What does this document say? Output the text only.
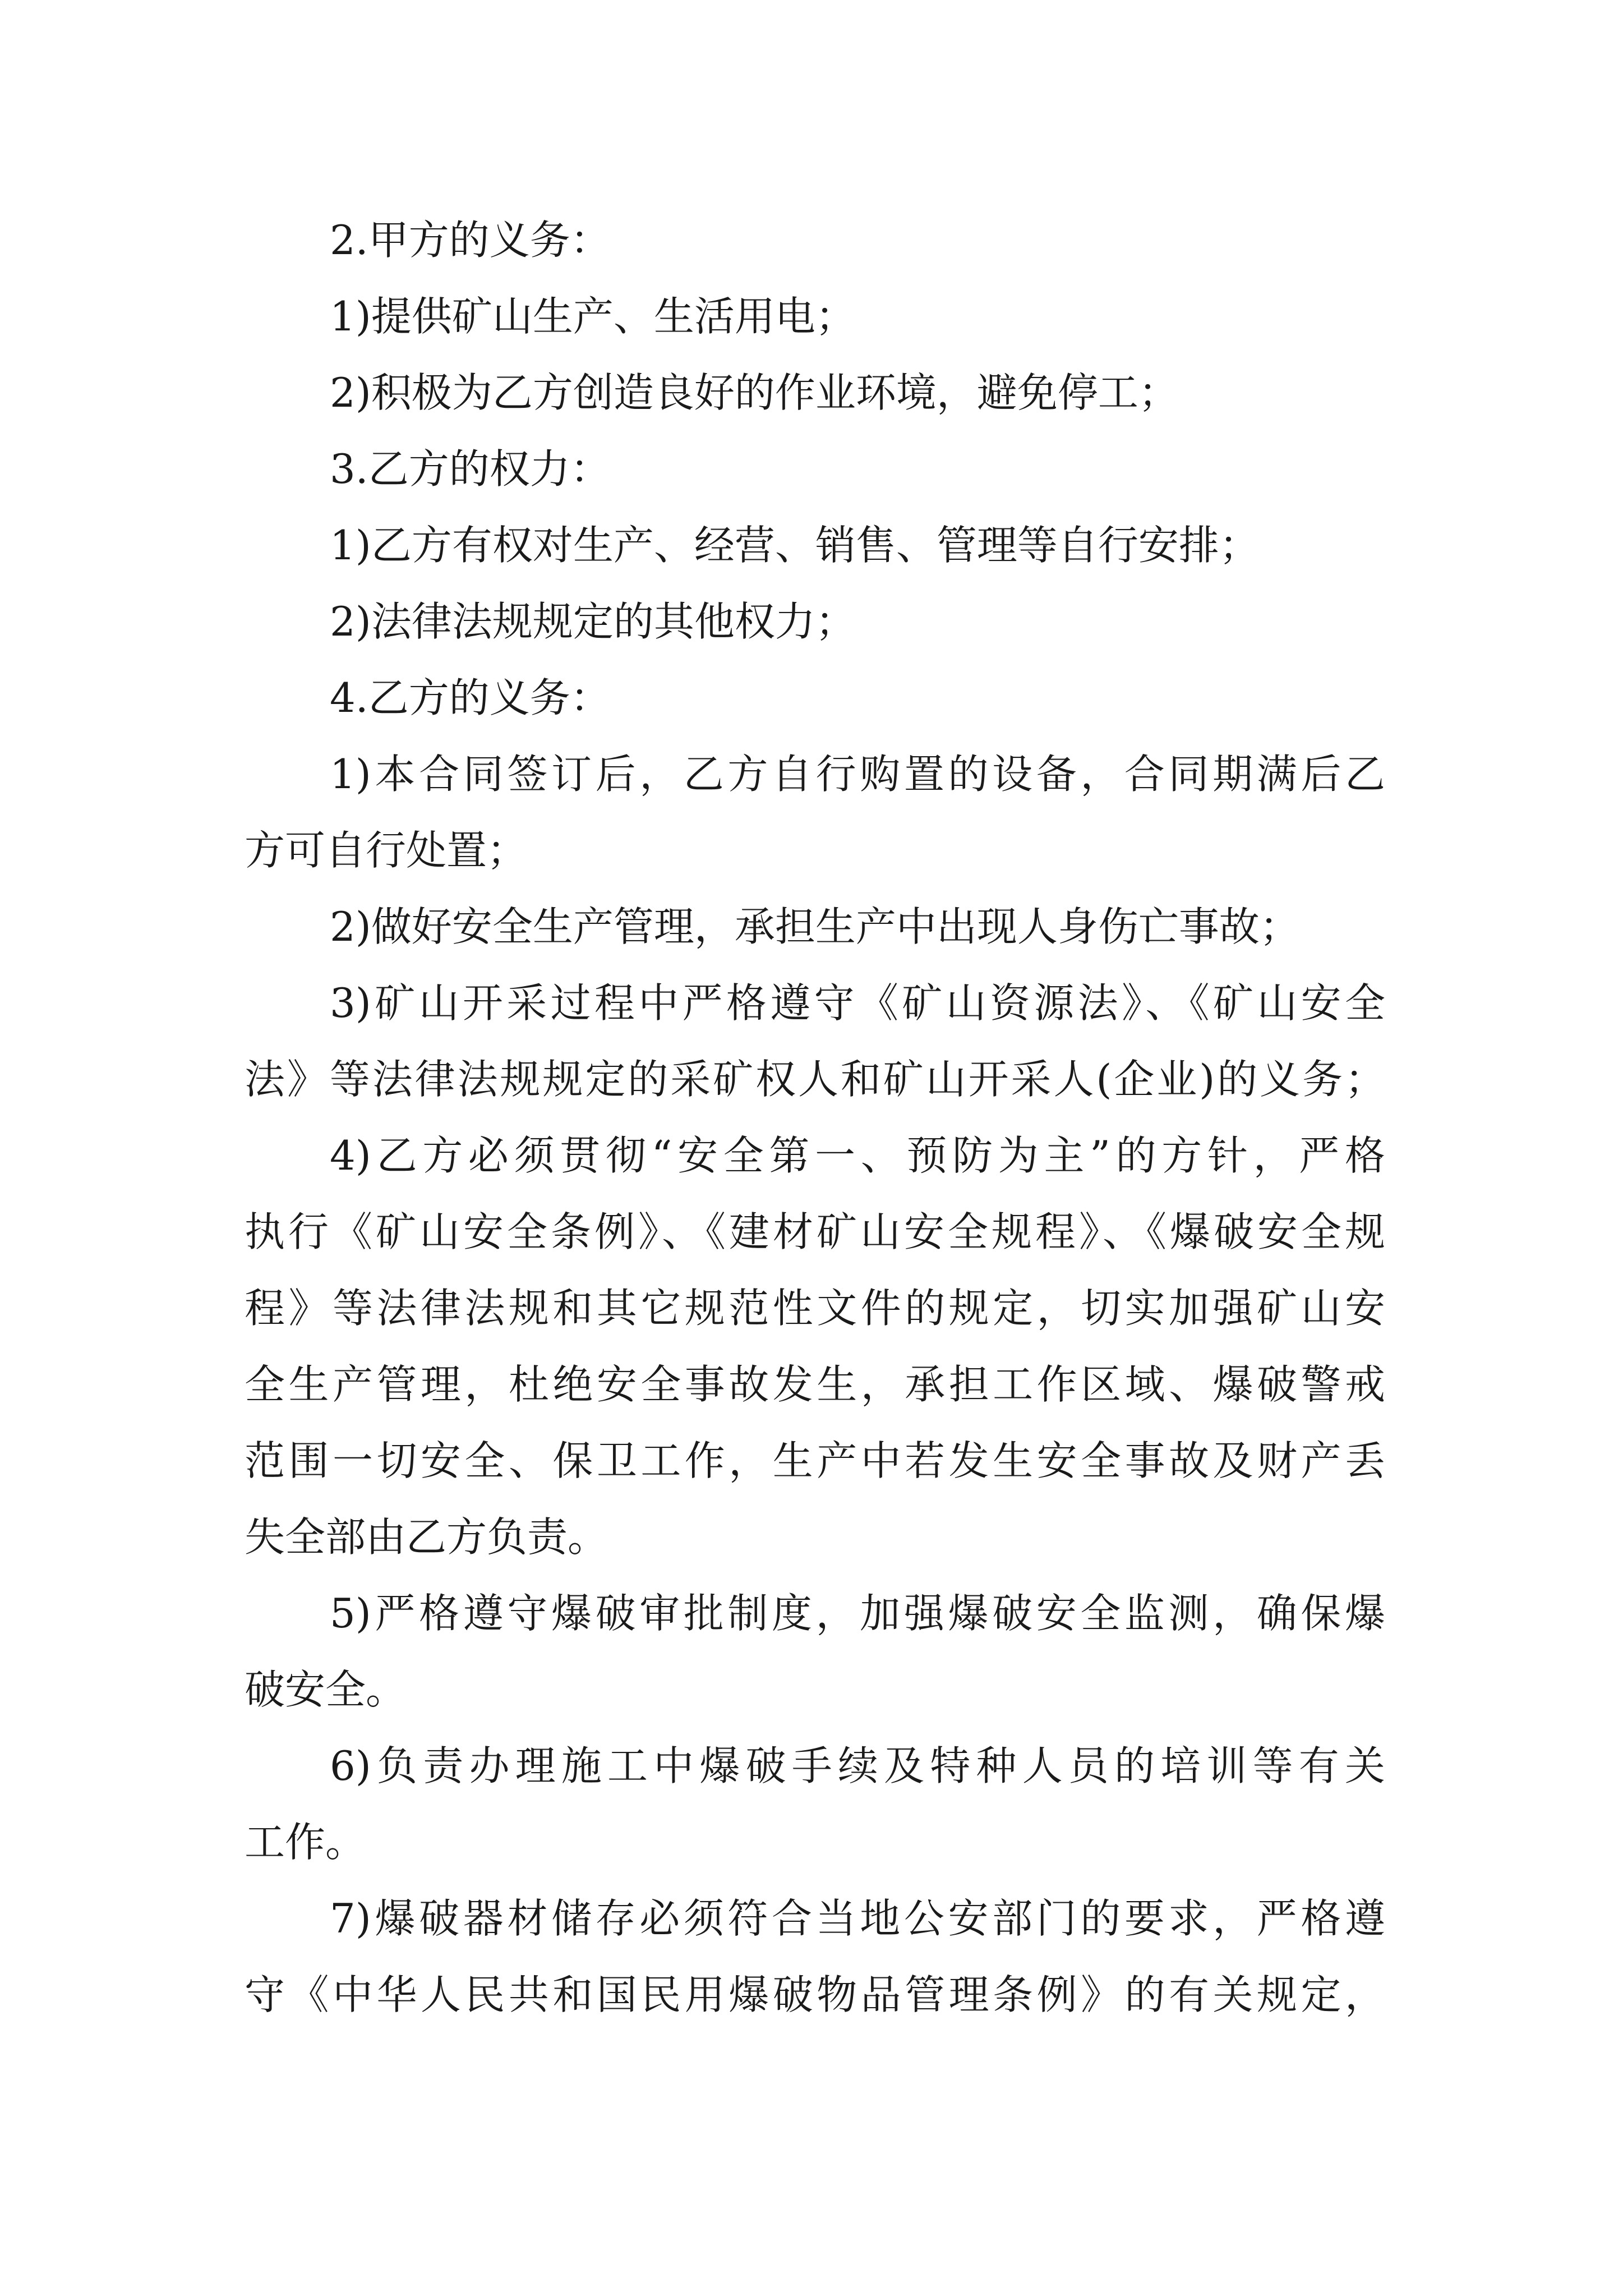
2.甲方的义务：
1)提供矿山生产、生活用电；
2)积极为乙方创造良好的作业环境，避免停工；
3.乙方的权力：
1)乙方有权对生产、经营、销售、管理等自行安排；
2)法律法规规定的其他权力；
4.乙方的义务：
1)本合同签订后，乙方自行购置的设备，合同期满后乙
方可自行处置；
2)做好安全生产管理，承担生产中出现人身伤亡事故；
3)矿山开采过程中严格遵守《矿山资源法》、《矿山安全
法》等法律法规规定的采矿权人和矿山开采人(企业)的义务；
4)乙方必须贯彻“安全第一、预防为主”的方针，严格
执行《矿山安全条例》、《建材矿山安全规程》、《爆破安全规
程》等法律法规和其它规范性文件的规定，切实加强矿山安
全生产管理，杜绝安全事故发生，承担工作区域、爆破警戒
范围一切安全、保卫工作，生产中若发生安全事故及财产丢
失全部由乙方负责。
5)严格遵守爆破审批制度，加强爆破安全监测，确保爆
破安全。
6)负责办理施工中爆破手续及特种人员的培训等有关
工作。
7)爆破器材储存必须符合当地公安部门的要求，严格遵
守《中华人民共和国民用爆破物品管理条例》的有关规定，
